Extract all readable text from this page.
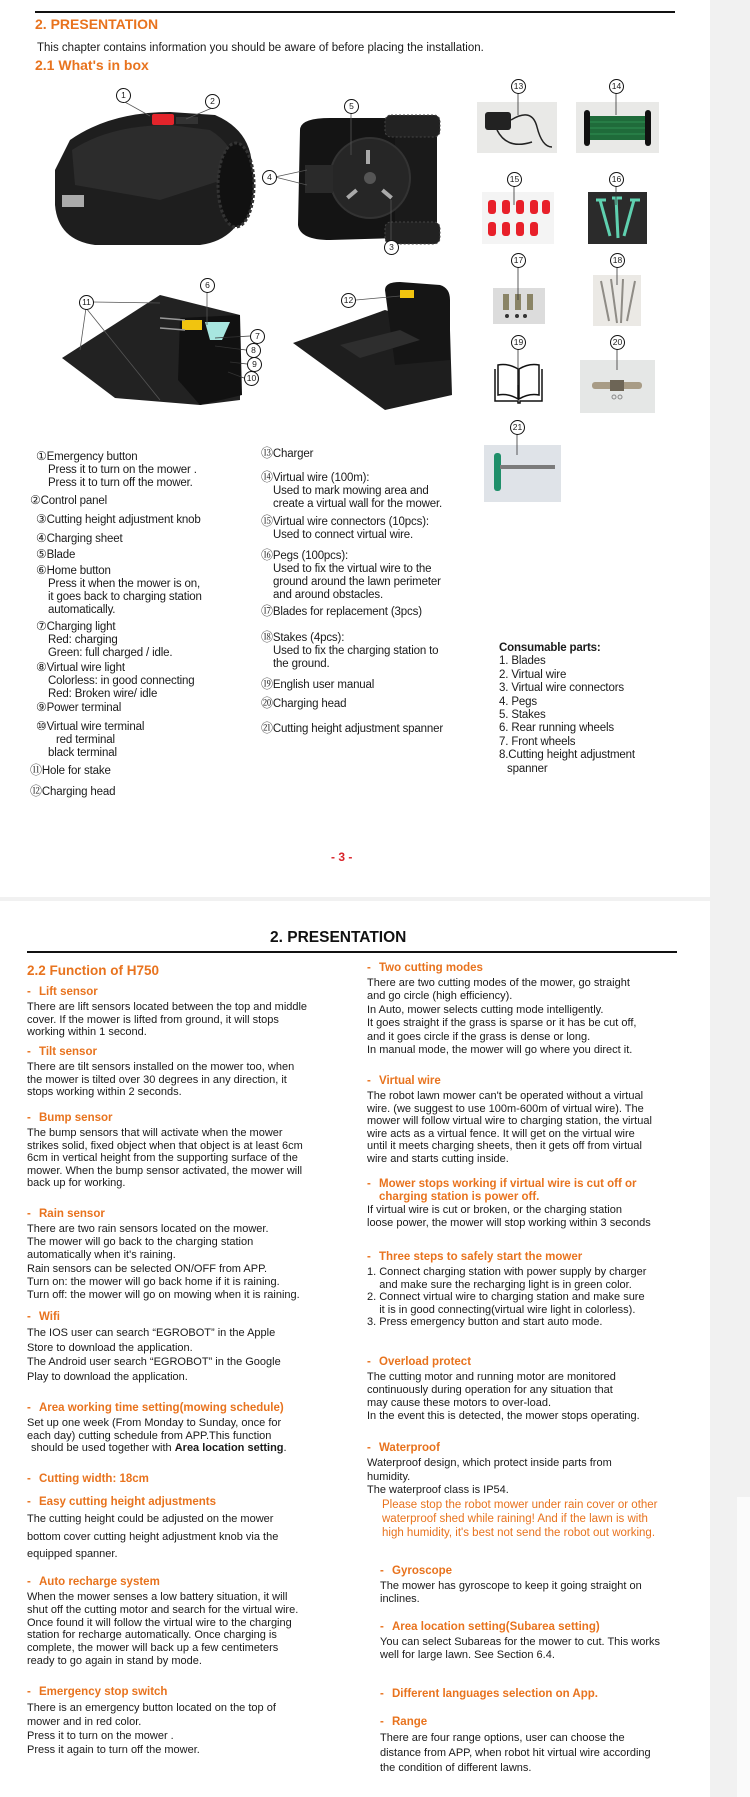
2. PRESENTATION
This chapter contains information you should be aware of before placing the installation.
2.1 What's in box
1
2
3
4
5
6
7
8
9
10
11	12
13	14
15	16
17	18
19	20
21
①Emergency button
Press it to turn on the mower .
Press it to turn off the mower.
②Control panel
③Cutting height adjustment knob
④Charging sheet
⑤Blade
⑥Home button
Press it when the mower is on,
it goes back to charging station
automatically.
⑦Charging light
Red: charging
Green: full charged / idle.
⑧Virtual wire light
Colorless: in good connecting
Red: Broken wire/ idle
⑨Power terminal
⑩Virtual wire terminal
red terminal
black terminal
⑪Hole for stake
⑫Charging head
⑬Charger
⑭Virtual wire (100m):
Used to mark mowing area and
create a virtual wall for the mower.
⑮Virtual wire connectors (10pcs):
Used to connect virtual wire.
⑯Pegs (100pcs):
Used to fix the virtual wire to the
ground around the lawn perimeter
and around obstacles.
⑰Blades for replacement (3pcs)
⑱Stakes (4pcs):
Used to fix the charging station to
the ground.
⑲English user manual
⑳Charging head
㉑Cutting height adjustment spanner
Consumable parts:
1. Blades
2. Virtual wire
3. Virtual wire connectors
4. Pegs
5. Stakes
6. Rear running wheels
7. Front wheels
8.Cutting height adjustment
spanner
- 3 -
2. PRESENTATION
2.2 Function of H750
- Lift sensor
There are lift sensors located between the top and middle
cover. If the mower is lifted from ground, it will stops
working within 1 second.
- Tilt sensor
There are tilt sensors installed on the mower too, when
the mower is tilted over 30 degrees in any direction, it
stops working within 2 seconds.
- Bump sensor
The bump sensors that will activate when the mower
strikes solid, fixed object when that object is at least 6cm
6cm in vertical height from the supporting surface of the
mower. When the bump sensor activated, the mower will
back up for working.
- Rain sensor
There are two rain sensors located on the mower.
The mower will go back to the charging station
automatically when it's raining.
Rain sensors can be selected ON/OFF from APP.
Turn on: the mower will go back home if it is raining.
Turn off: the mower will go on mowing when it is raining.
- Wifi
The IOS user can search “EGROBOT” in the Apple
Store to download the application.
The Android user search “EGROBOT” in the Google
Play to download the application.
- Area working time setting(mowing schedule)
Set up one week (From Monday to Sunday, once for
each day) cutting schedule from APP.This function
should be used together with Area location setting.
- Cutting width: 18cm
- Easy cutting height adjustments
The cutting height could be adjusted on the mower
bottom cover cutting height adjustment knob via the
equipped spanner.
- Auto recharge system
When the mower senses a low battery situation, it will
shut off the cutting motor and search for the virtual wire.
Once found it will follow the virtual wire to the charging
station for recharge automatically. Once charging is
complete, the mower will back up a few centimeters
ready to go again in stand by mode.
- Emergency stop switch
There is an emergency button located on the top of
mower and in red color.
Press it to turn on the mower .
Press it again to turn off the mower.
- Two cutting modes
There are two cutting modes of the mower, go straight
and go circle (high efficiency).
In Auto, mower selects cutting mode intelligently.
It goes straight if the grass is sparse or it has be cut off,
and it goes circle if the grass is dense or long.
In manual mode, the mower will go where you direct it.
- Virtual wire
The robot lawn mower can't be operated without a virtual
wire. (we suggest to use 100m-600m of virtual wire). The
mower will follow virtual wire to charging station, the virtual
wire acts as a virtual fence. It will get on the virtual wire
until it meets charging sheets, then it gets off from virtual
wire and starts cutting inside.
- Mower stops working if virtual wire is cut off or
charging station is power off.
If virtual wire is cut or broken, or the charging station
loose power, the mower will stop working within 3 seconds
- Three steps to safely start the mower
1. Connect charging station with power supply by charger
and make sure the recharging light is in green color.
2. Connect virtual wire to charging station and make sure
it is in good connecting(virtual wire light in colorless).
3. Press emergency button and start auto mode.
- Overload protect
The cutting motor and running motor are monitored
continuously during operation for any situation that
may cause these motors to over-load.
In the event this is detected, the mower stops operating.
- Waterproof
Waterproof design, which protect inside parts from
humidity.
The waterproof class is IP54.
Please stop the robot mower under rain cover or other
waterproof shed while raining! And if the lawn is with
high humidity, it's best not send the robot out working.
- Gyroscope
The mower has gyroscope to keep it going straight on
inclines.
- Area location setting(Subarea setting)
You can select Subareas for the mower to cut. This works
well for large lawn. See Section 6.4.
- Different languages selection on App.
- Range
There are four range options, user can choose the
distance from APP, when robot hit virtual wire according
the condition of different lawns.
